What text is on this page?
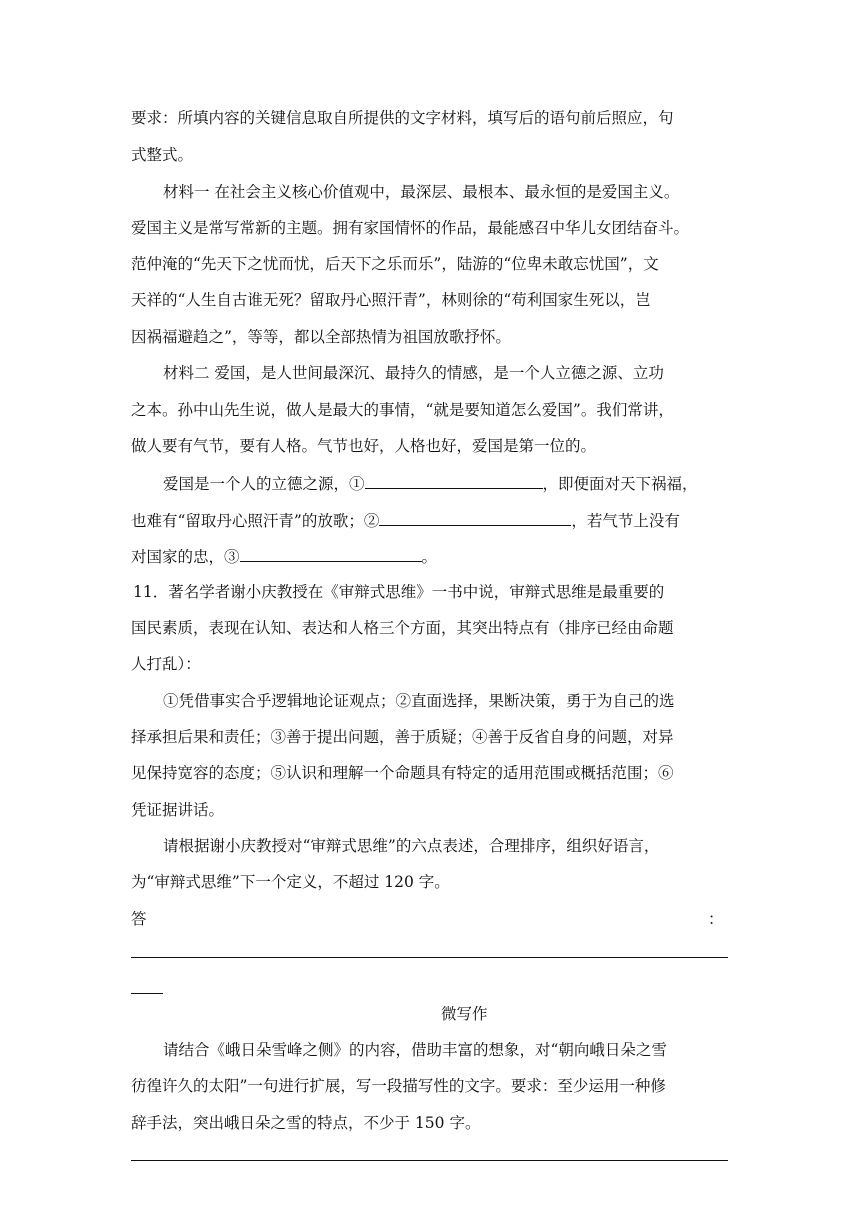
要求：所填内容的关键信息取自所提供的文字材料，填写后的语句前后照应，句
式整式。
材料一 在社会主义核心价值观中，最深层、最根本、最永恒的是爱国主义。
爱国主义是常写常新的主题。拥有家国情怀的作品，最能感召中华儿女团结奋斗。
范仲淹的“先天下之忧而忧，后天下之乐而乐”，陆游的“位卑未敢忘忧国”，文
天祥的“人生自古谁无死？留取丹心照汗青”，林则徐的“苟利国家生死以，岂
因祸福避趋之”，等等，都以全部热情为祖国放歌抒怀。
材料二 爱国，是人世间最深沉、最持久的情感，是一个人立德之源、立功
之本。孙中山先生说，做人是最大的事情，“就是要知道怎么爱国”。我们常讲，
做人要有气节，要有人格。气节也好，人格也好，爱国是第一位的。
爱国是一个人的立德之源，①	，即便面对天下祸福，
也难有“留取丹心照汗青”的放歌；②	，若气节上没有
对国家的忠，③	。
11．著名学者谢小庆教授在《审辩式思维》一书中说，审辩式思维是最重要的
国民素质，表现在认知、表达和人格三个方面，其突出特点有（排序已经由命题
人打乱）：
①凭借事实合乎逻辑地论证观点；②直面选择，果断决策，勇于为自己的选
择承担后果和责任；③善于提出问题，善于质疑；④善于反省自身的问题，对异
见保持宽容的态度；⑤认识和理解一个命题具有特定的适用范围或概括范围；⑥
凭证据讲话。
请根据谢小庆教授对“审辩式思维”的六点表述，合理排序，组织好语言，
为“审辩式思维”下一个定义，不超过 120 字。
答	：
微写作
请结合《峨日朵雪峰之侧》的内容，借助丰富的想象，对“朝向峨日朵之雪
彷徨许久的太阳”一句进行扩展，写一段描写性的文字。要求：至少运用一种修
辞手法，突出峨日朵之雪的特点，不少于 150 字。
